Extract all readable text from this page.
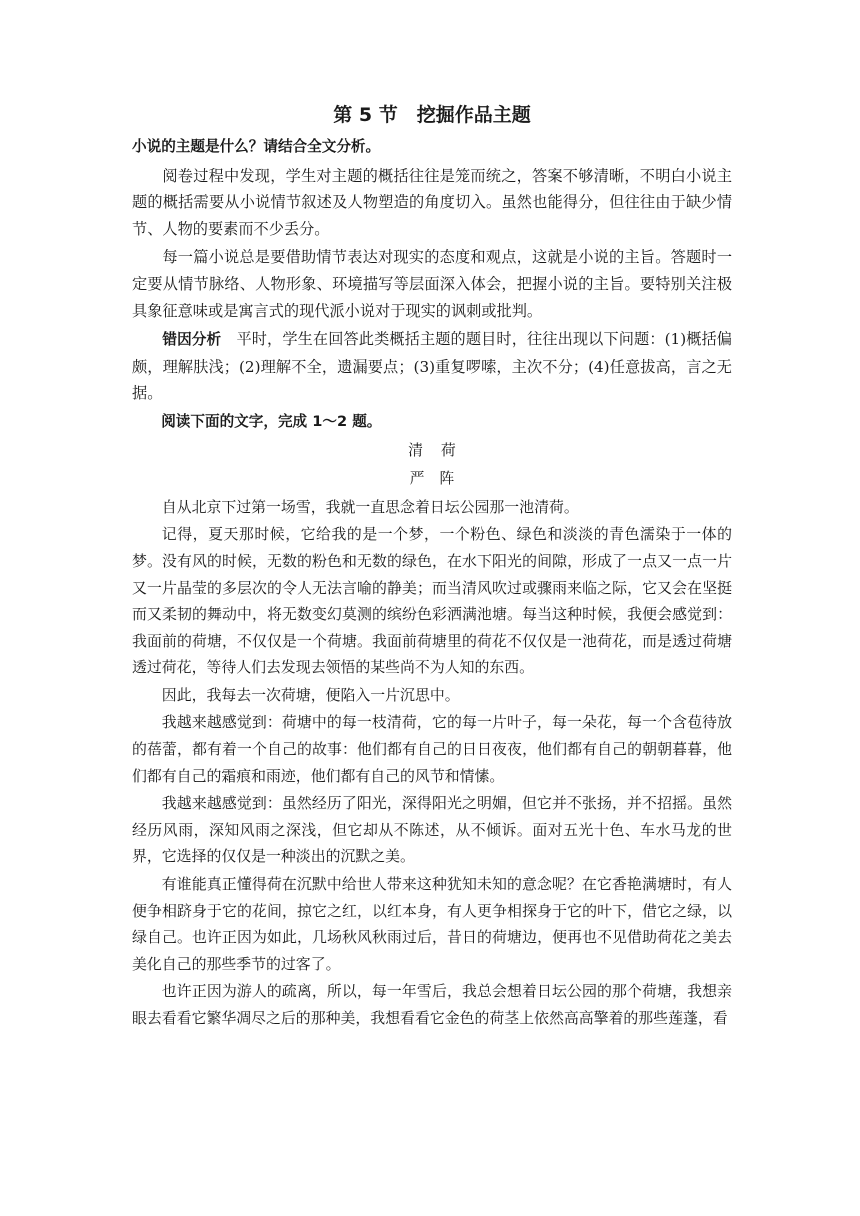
第 5 节　挖掘作品主题
小说的主题是什么？请结合全文分析。

阅卷过程中发现，学生对主题的概括往往是笼而统之，答案不够清晰，不明白小说主题的概括需要从小说情节叙述及人物塑造的角度切入。虽然也能得分，但往往由于缺少情节、人物的要素而不少丢分。

每一篇小说总是要借助情节表达对现实的态度和观点，这就是小说的主旨。答题时一定要从情节脉络、人物形象、环境描写等层面深入体会，把握小说的主旨。要特别关注极具象征意味或是寓言式的现代派小说对于现实的讽刺或批判。

错因分析　平时，学生在回答此类概括主题的题目时，往往出现以下问题：(1)概括偏颇，理解肤浅；(2)理解不全，遗漏要点；(3)重复啰嗦，主次不分；(4)任意拔高，言之无据。

阅读下面的文字，完成 1～2 题。

清荷

严阵

自从北京下过第一场雪，我就一直思念着日坛公园那一池清荷。

记得，夏天那时候，它给我的是一个梦，一个粉色、绿色和淡淡的青色濡染于一体的梦。没有风的时候，无数的粉色和无数的绿色，在水下阳光的间隙，形成了一点又一点一片又一片晶莹的多层次的令人无法言喻的静美；而当清风吹过或骤雨来临之际，它又会在坚挺而又柔韧的舞动中，将无数变幻莫测的缤纷色彩洒满池塘。每当这种时候，我便会感觉到：我面前的荷塘，不仅仅是一个荷塘。我面前荷塘里的荷花不仅仅是一池荷花，而是透过荷塘透过荷花，等待人们去发现去领悟的某些尚不为人知的东西。

因此，我每去一次荷塘，便陷入一片沉思中。

我越来越感觉到：荷塘中的每一枝清荷，它的每一片叶子，每一朵花，每一个含苞待放的蓓蕾，都有着一个自己的故事：他们都有自己的日日夜夜，他们都有自己的朝朝暮暮，他们都有自己的霜痕和雨迹，他们都有自己的风节和情愫。

我越来越感觉到：虽然经历了阳光，深得阳光之明媚，但它并不张扬，并不招摇。虽然经历风雨，深知风雨之深浅，但它却从不陈述，从不倾诉。面对五光十色、车水马龙的世界，它选择的仅仅是一种淡出的沉默之美。

有谁能真正懂得荷在沉默中给世人带来这种犹知未知的意念呢？在它香艳满塘时，有人便争相跻身于它的花间，掠它之红，以红本身，有人更争相探身于它的叶下，借它之绿，以绿自己。也许正因为如此，几场秋风秋雨过后，昔日的荷塘边，便再也不见借助荷花之美去美化自己的那些季节的过客了。

也许正因为游人的疏离，所以，每一年雪后，我总会想着日坛公园的那个荷塘，我想亲眼去看看它繁华凋尽之后的那种美，我想看看它金色的荷茎上依然高高擎着的那些莲蓬，看
